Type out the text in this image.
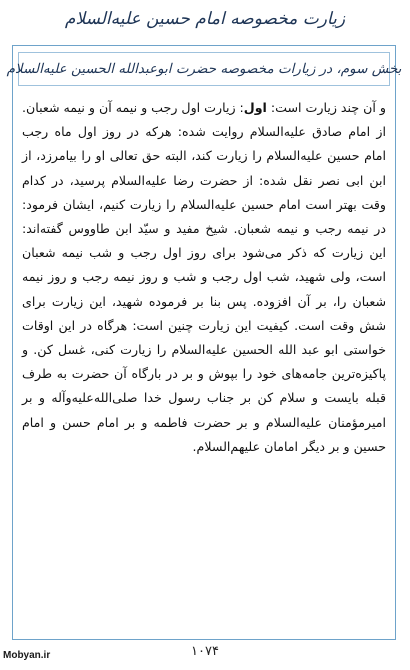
زیارت مخصوصه امام حسین علیه‌السلام
بخش سوم، در زیارات مخصوصه حضرت ابوعبدالله الحسین علیه‌السلام

و آن چند زیارت است: اول: زیارت اول رجب و نیمه آن و نیمه شعبان. از امام صادق علیه‌السلام روایت شده: هرکه در روز اول ماه رجب امام حسین علیه‌السلام را زیارت کند، البته حق تعالی او را بیامرزد، از ابن ابی نصر نقل شده: از حضرت رضا علیه‌السلام پرسید، در کدام وقت بهتر است امام حسین علیه‌السلام را زیارت کنیم، ایشان فرمود: در نیمه رجب و نیمه شعبان. شیخ مفید و سیّد ابن طاووس گفته‌اند: این زیارت که ذکر می‌شود برای روز اول رجب و شب نیمه شعبان است، ولی شهید، شب اول رجب و شب و روز نیمه رجب و روز نیمه شعبان را، بر آن افزوده. پس بنا بر فرموده شهید، این زیارت برای شش وقت است. کیفیت این زیارت چنین است: هرگاه در این اوقات خواستی ابو عبد الله الحسین علیه‌السلام را زیارت کنی، غسل کن. و پاکیزه‌ترین جامه‌های خود را بپوش و بر در بارگاه آن حضرت به طرف قبله بایست و سلام کن بر جناب رسول خدا صلی‌الله‌علیه‌وآله و بر امیرمؤمنان علیه‌السلام و بر حضرت فاطمه و بر امام حسن و امام حسین و بر دیگر امامان علیهم‌السلام.

۱۰۷۴
Mobyan.ir
